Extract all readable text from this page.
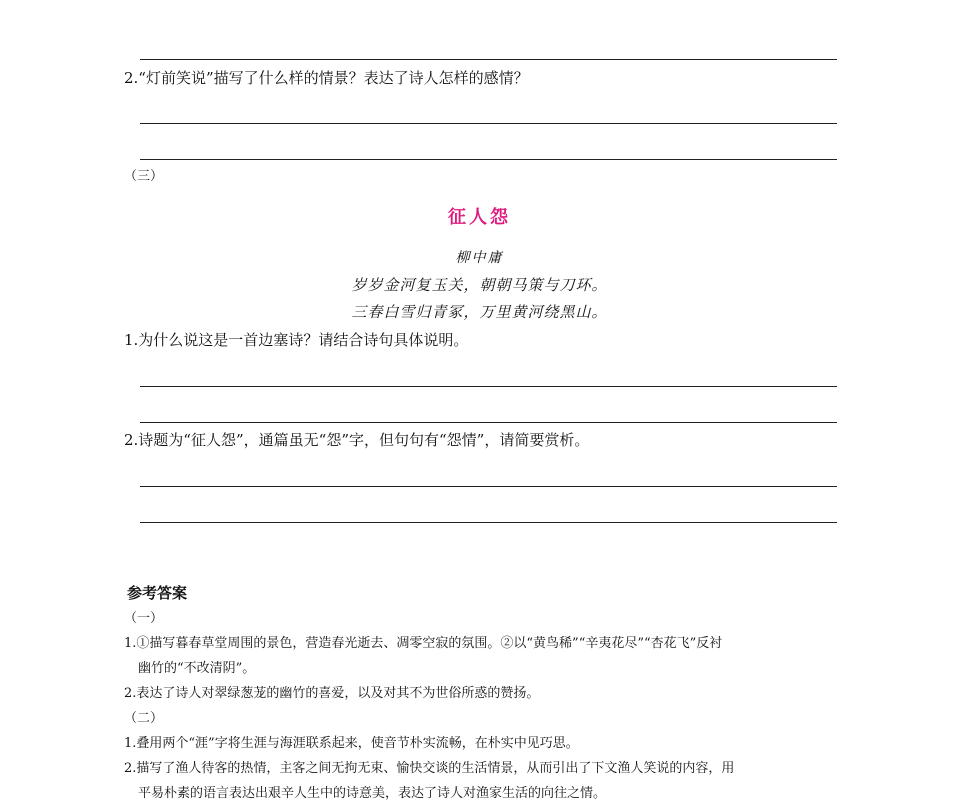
2.“灯前笑说”描写了什么样的情景？表达了诗人怎样的感情？
（三）
征人怨
柳中庸
岁岁金河复玉关，朝朝马策与刀环。
三春白雪归青冢，万里黄河绕黑山。
1.为什么说这是一首边塞诗？请结合诗句具体说明。
2.诗题为“征人怨”，通篇虽无“怨”字，但句句有“怨情”，请简要赏析。
参考答案
（一）
1.①描写暮春草堂周围的景色，营造春光逝去、凋零空寂的氛围。②以“黄鸟稀”“辛夷花尽”“杏花飞”反衬
幽竹的“不改清阴”。
2.表达了诗人对翠绿葱茏的幽竹的喜爱，以及对其不为世俗所惑的赞扬。
（二）
1.叠用两个“涯”字将生涯与海涯联系起来，使音节朴实流畅，在朴实中见巧思。
2.描写了渔人待客的热情，主客之间无拘无束、愉快交谈的生活情景，从而引出了下文渔人笑说的内容，用
平易朴素的语言表达出艰辛人生中的诗意美，表达了诗人对渔家生活的向往之情。
